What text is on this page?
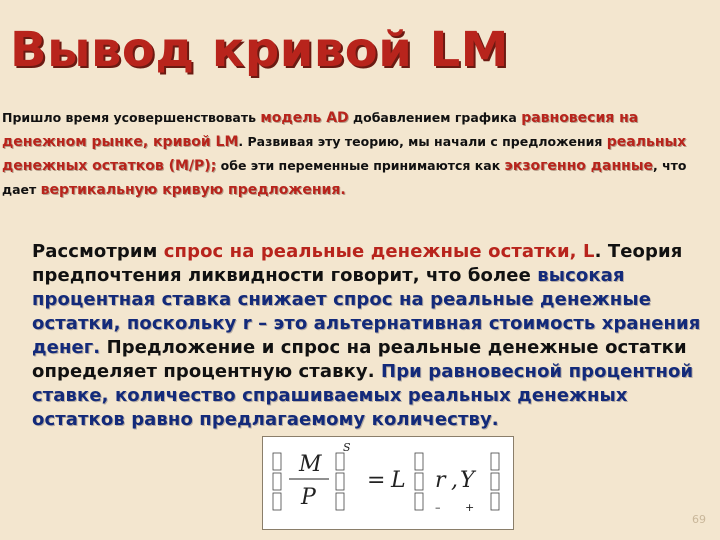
Вывод кривой LM

Пришло время усовершенствовать модель AD добавлением графика равновесия на денежном рынке, кривой LM. Развивая эту теорию, мы начали с предложения реальных денежных остатков (M/P); обе эти переменные принимаются как экзогенно данные, что дает вертикальную кривую предложения.

Рассмотрим спрос на реальные денежные остатки, L. Теория предпочтения ликвидности говорит, что более высокая процентная ставка снижает спрос на реальные денежные остатки, поскольку r – это альтернативная стоимость хранения денег. Предложение и спрос на реальные денежные остатки определяет процентную ставку. При равновесной процентной ставке, количество спрашиваемых реальных денежных остатков равно предлагаемому количеству.

M
P
S
= L r , Y
– +
69
